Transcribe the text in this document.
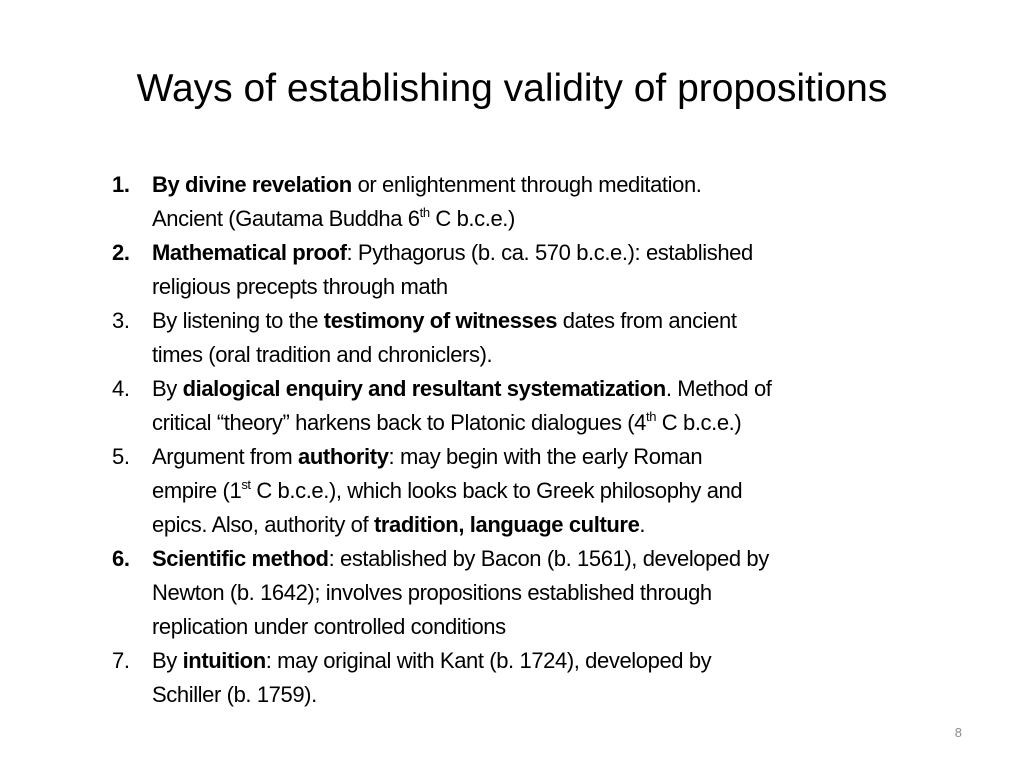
Ways of establishing validity of propositions
1. By divine revelation or enlightenment through meditation.
Ancient (Gautama Buddha 6th C b.c.e.)
2. Mathematical proof: Pythagorus (b. ca. 570 b.c.e.): established
religious precepts through math
3. By listening to the testimony of witnesses dates from ancient
times (oral tradition and chroniclers).
4. By dialogical enquiry and resultant systematization. Method of
critical “theory” harkens back to Platonic dialogues (4th C b.c.e.)
5. Argument from authority: may begin with the early Roman
empire (1st C b.c.e.), which looks back to Greek philosophy and
epics. Also, authority of tradition, language culture.
6. Scientific method: established by Bacon (b. 1561), developed by
Newton (b. 1642); involves propositions established through
replication under controlled conditions
7. By intuition: may original with Kant (b. 1724), developed by
Schiller (b. 1759).
8
